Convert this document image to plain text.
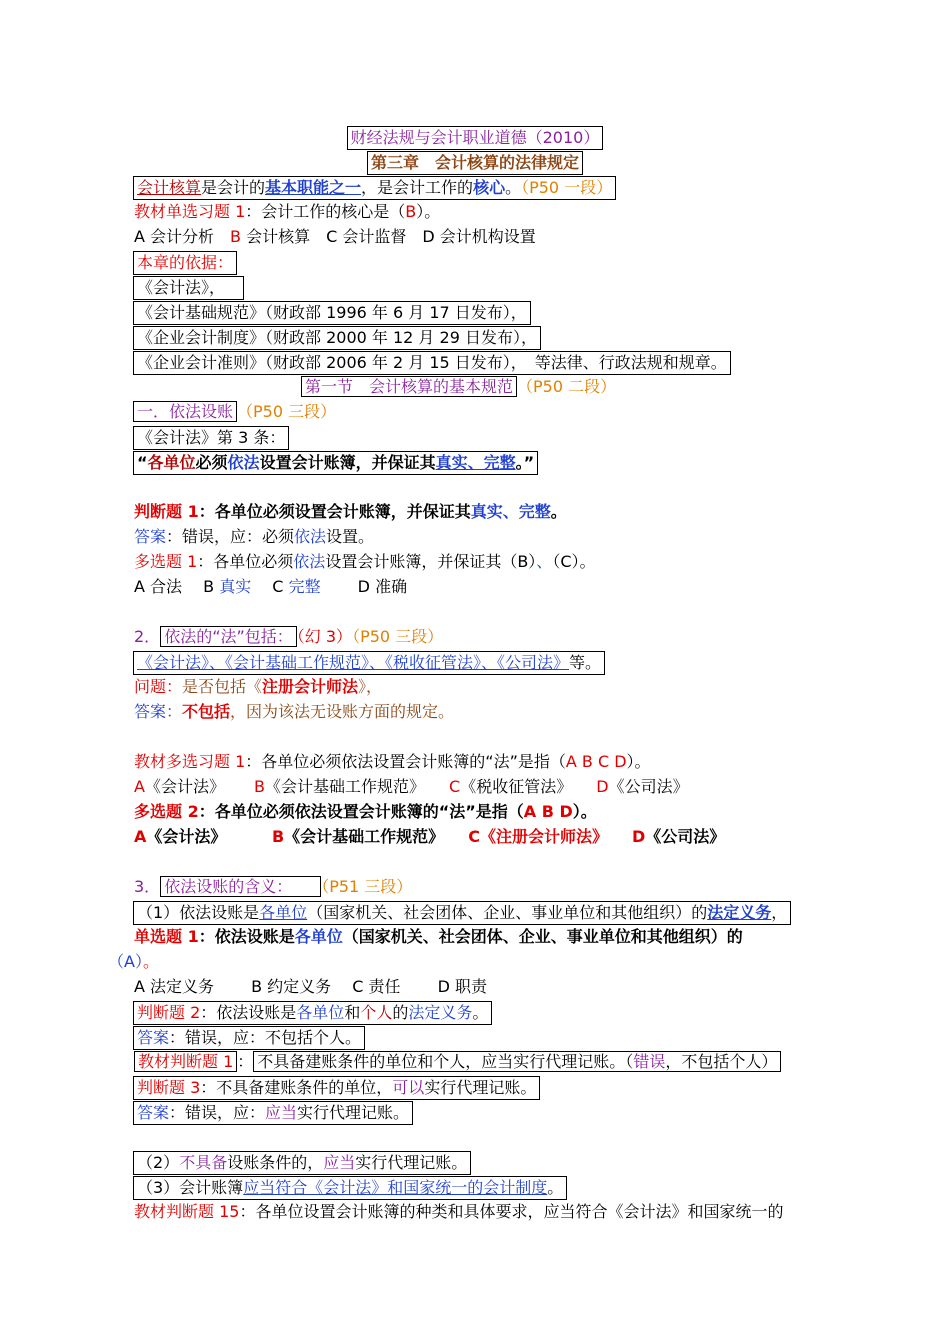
财经法规与会计职业道德（2010）
第三章　会计核算的法律规定
会计核算是会计的基本职能之一，是会计工作的核心。（P50 一段）
教材单选习题 1：会计工作的核心是（B）。
A 会计分析　B 会计核算　C 会计监督　D 会计机构设置
本章的依据：
《会计法》，
《会计基础规范》（财政部 1996 年 6 月 17 日发布），
《企业会计制度》（财政部 2000 年 12 月 29 日发布），
《企业会计准则》（财政部 2006 年 2 月 15 日发布），　等法律、行政法规和规章。
第一节　会计核算的基本规范 （P50 二段）
一．依法设账 （P50 三段）
《会计法》第 3 条：
“各单位必须依法设置会计账簿，并保证其真实、完整。”
判断题 1：各单位必须设置会计账簿，并保证其真实、完整。
答案：错误，应：必须依法设置。
多选题 1：各单位必须依法设置会计账簿，并保证其（B）、（C）。
A 合法　 B 真实　 C 完整　　 D 准确
2． 依法的“法”包括： （幻 3）（P50 三段）
《会计法》、《会计基础工作规范》、《税收征管法》、《公司法》等。
问题：是否包括《注册会计师法》，
答案：不包括，因为该法无设账方面的规定。
教材多选习题 1：各单位必须依法设置会计账簿的“法”是指（A B C D）。
A《会计法》　　 B《会计基础工作规范》　　C《税收征管法》　　D《公司法》
多选题 2：各单位必须依法设置会计账簿的“法”是指（A B D）。
A《会计法》　　　 B《会计基础工作规范》　　C《注册会计师法》　　D《公司法》
3． 依法设账的含义： （P51 三段）
（1）依法设账是各单位（国家机关、社会团体、企业、事业单位和其他组织）的法定义务，
单选题 1：依法设账是各单位（国家机关、社会团体、企业、事业单位和其他组织）的
（A）。
A 法定义务　　 B 约定义务　 C 责任　　 D 职责
判断题 2：依法设账是各单位和个人的法定义务。
答案：错误，应：不包括个人。
教材判断题 1 ： 不具备建账条件的单位和个人，应当实行代理记账。（错误，不包括个人）
判断题 3：不具备建账条件的单位，可以实行代理记账。
答案：错误，应：应当实行代理记账。
（2）不具备设账条件的，应当实行代理记账。
（3）会计账簿应当符合《会计法》和国家统一的会计制度。
教材判断题 15：各单位设置会计账簿的种类和具体要求，应当符合《会计法》和国家统一的
